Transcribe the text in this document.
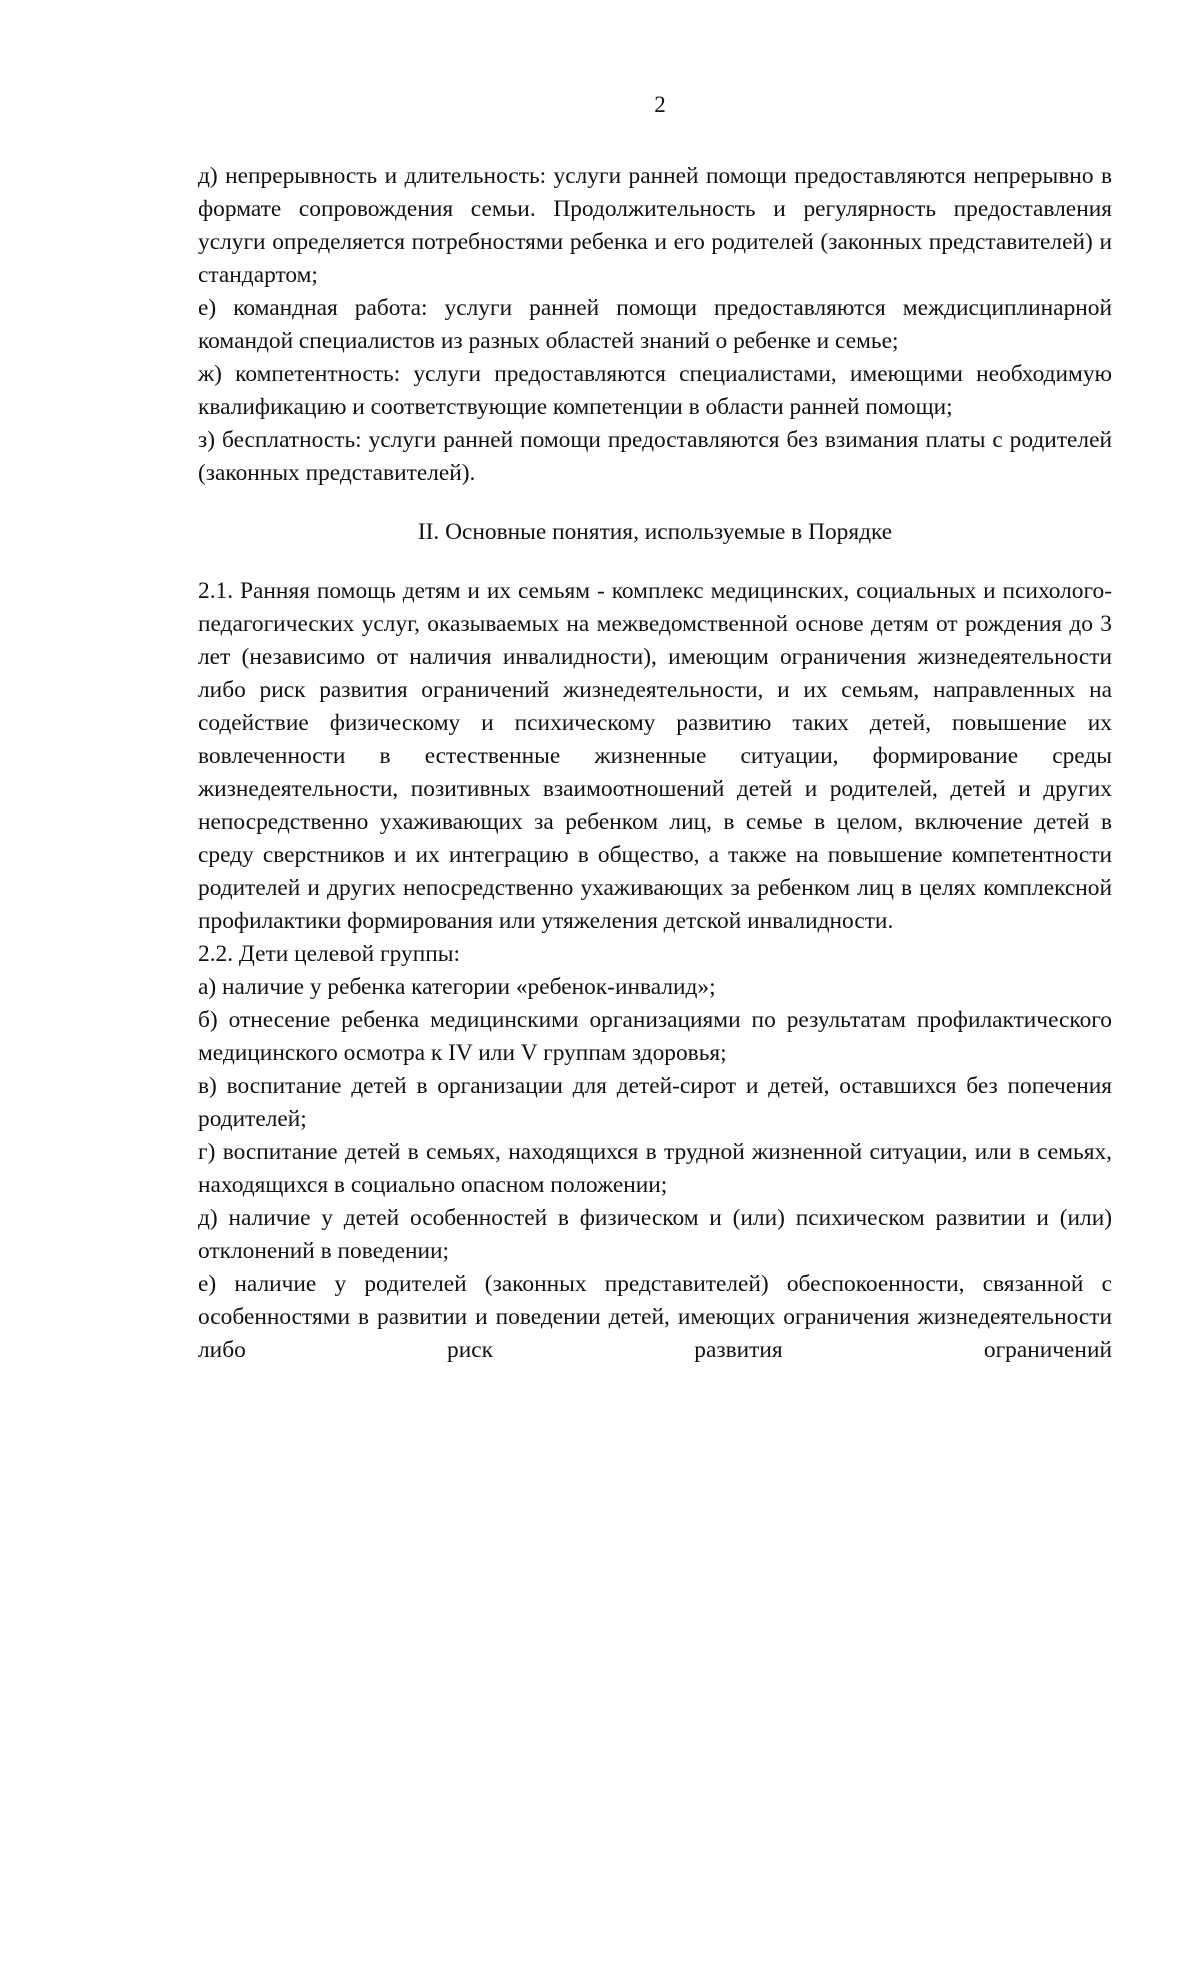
2

д) непрерывность и длительность: услуги ранней помощи предоставляются непрерывно в формате сопровождения семьи. Продолжительность и регулярность предоставления услуги определяется потребностями ребенка и его родителей (законных представителей) и стандартом;

е) командная работа: услуги ранней помощи предоставляются междисциплинарной командой специалистов из разных областей знаний о ребенке и семье;

ж) компетентность: услуги предоставляются специалистами, имеющими необходимую квалификацию и соответствующие компетенции в области ранней помощи;

з) бесплатность: услуги ранней помощи предоставляются без взимания платы с родителей (законных представителей).

II. Основные понятия, используемые в Порядке

2.1. Ранняя помощь детям и их семьям - комплекс медицинских, социальных и психолого-педагогических услуг, оказываемых на межведомственной основе детям от рождения до 3 лет (независимо от наличия инвалидности), имеющим ограничения жизнедеятельности либо риск развития ограничений жизнедеятельности, и их семьям, направленных на содействие физическому и психическому развитию таких детей, повышение их вовлеченности в естественные жизненные ситуации, формирование среды жизнедеятельности, позитивных взаимоотношений детей и родителей, детей и других непосредственно ухаживающих за ребенком лиц, в семье в целом, включение детей в среду сверстников и их интеграцию в общество, а также на повышение компетентности родителей и других непосредственно ухаживающих за ребенком лиц в целях комплексной профилактики формирования или утяжеления детской инвалидности.

2.2. Дети целевой группы:

а) наличие у ребенка категории «ребенок-инвалид»;

б) отнесение ребенка медицинскими организациями по результатам профилактического медицинского осмотра к IV или V группам здоровья;

в) воспитание детей в организации для детей-сирот и детей, оставшихся без попечения родителей;

г) воспитание детей в семьях, находящихся в трудной жизненной ситуации, или в семьях, находящихся в социально опасном положении;

д) наличие у детей особенностей в физическом и (или) психическом развитии и (или) отклонений в поведении;

е) наличие у родителей (законных представителей) обеспокоенности, связанной с особенностями в развитии и поведении детей, имеющих ограничения жизнедеятельности либо риск развития ограничений
